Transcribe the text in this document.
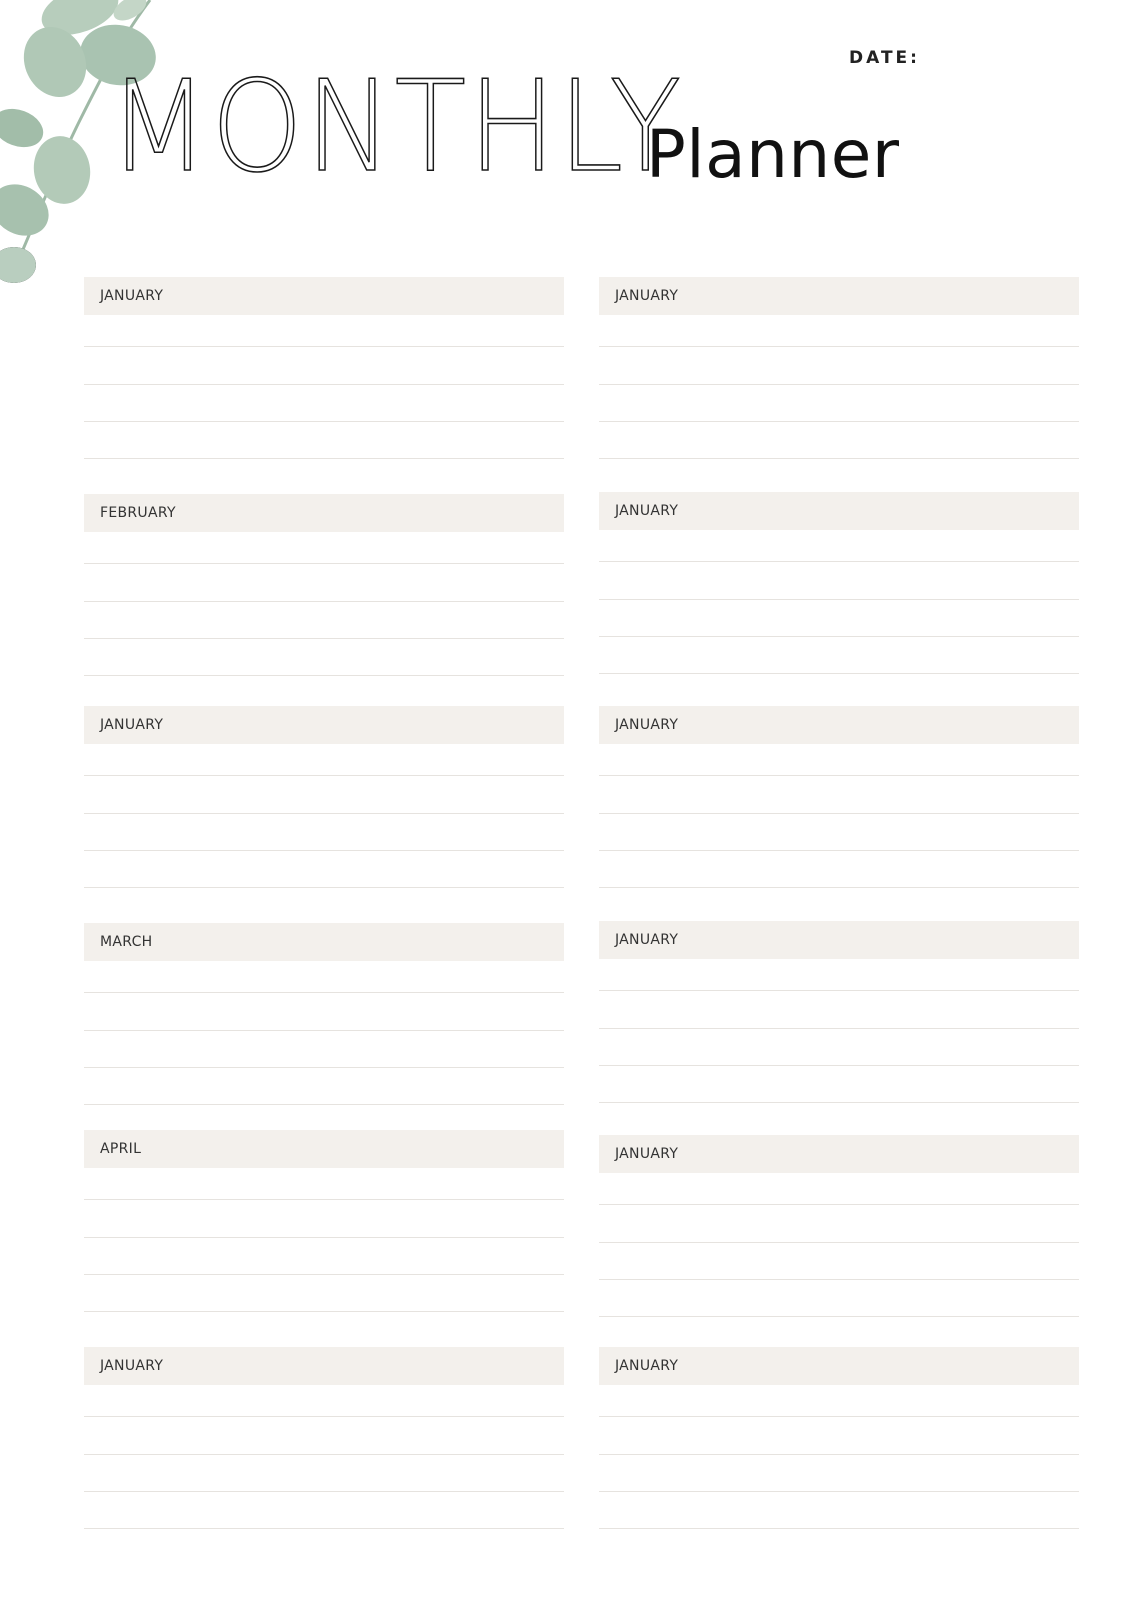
DATE:
MONTHLY
Planner
JANUARY
FEBRUARY
JANUARY
MARCH
APRIL
JANUARY
JANUARY
JANUARY
JANUARY
JANUARY
JANUARY
JANUARY
